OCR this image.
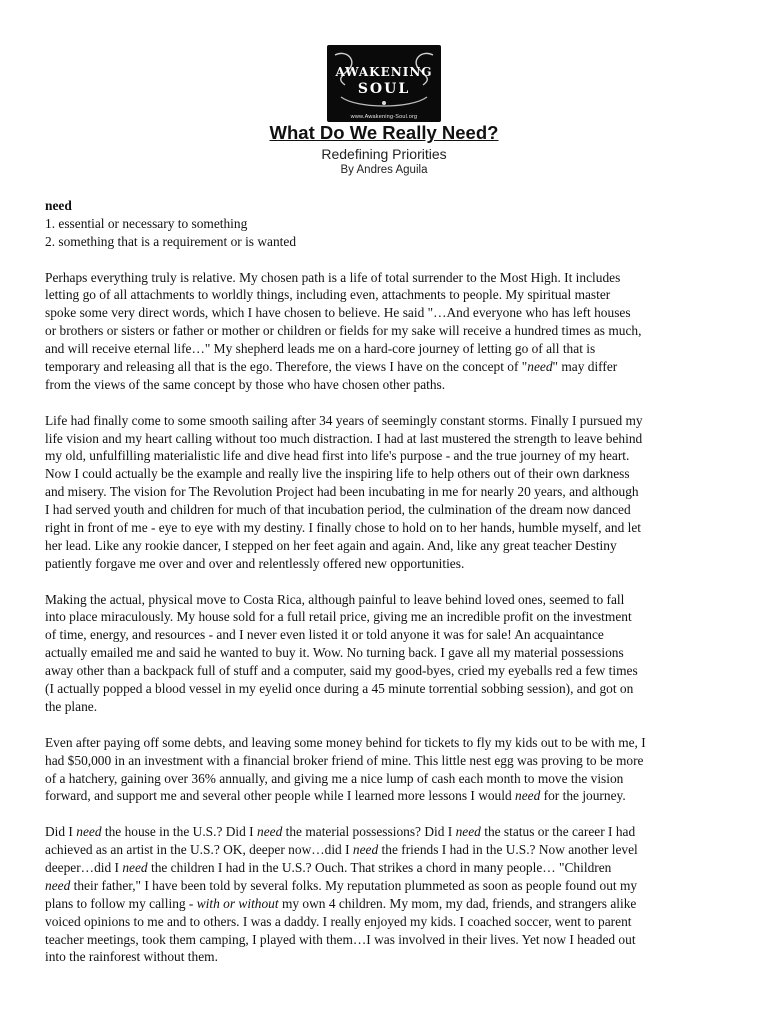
AWAKENING
SOUL
www.Awakening-Soul.org
What Do We Really Need?
Redefining Priorities
By Andres Aguila
need
1. essential or necessary to something
2. something that is a requirement or is wanted
Perhaps everything truly is relative. My chosen path is a life of total surrender to the Most High. It includes
letting go of all attachments to worldly things, including even, attachments to people. My spiritual master
spoke some very direct words, which I have chosen to believe. He said "…And everyone who has left houses
or brothers or sisters or father or mother or children or fields for my sake will receive a hundred times as much,
and will receive eternal life…" My shepherd leads me on a hard-core journey of letting go of all that is
temporary and releasing all that is the ego. Therefore, the views I have on the concept of "need" may differ
from the views of the same concept by those who have chosen other paths.
Life had finally come to some smooth sailing after 34 years of seemingly constant storms. Finally I pursued my
life vision and my heart calling without too much distraction. I had at last mustered the strength to leave behind
my old, unfulfilling materialistic life and dive head first into life's purpose - and the true journey of my heart.
Now I could actually be the example and really live the inspiring life to help others out of their own darkness
and misery. The vision for The Revolution Project had been incubating in me for nearly 20 years, and although
I had served youth and children for much of that incubation period, the culmination of the dream now danced
right in front of me - eye to eye with my destiny. I finally chose to hold on to her hands, humble myself, and let
her lead. Like any rookie dancer, I stepped on her feet again and again. And, like any great teacher Destiny
patiently forgave me over and over and relentlessly offered new opportunities.
Making the actual, physical move to Costa Rica, although painful to leave behind loved ones, seemed to fall
into place miraculously. My house sold for a full retail price, giving me an incredible profit on the investment
of time, energy, and resources - and I never even listed it or told anyone it was for sale! An acquaintance
actually emailed me and said he wanted to buy it. Wow. No turning back. I gave all my material possessions
away other than a backpack full of stuff and a computer, said my good-byes, cried my eyeballs red a few times
(I actually popped a blood vessel in my eyelid once during a 45 minute torrential sobbing session), and got on
the plane.
Even after paying off some debts, and leaving some money behind for tickets to fly my kids out to be with me, I
had $50,000 in an investment with a financial broker friend of mine. This little nest egg was proving to be more
of a hatchery, gaining over 36% annually, and giving me a nice lump of cash each month to move the vision
forward, and support me and several other people while I learned more lessons I would need for the journey.
Did I need the house in the U.S.? Did I need the material possessions? Did I need the status or the career I had
achieved as an artist in the U.S.? OK, deeper now…did I need the friends I had in the U.S.? Now another level
deeper…did I need the children I had in the U.S.? Ouch. That strikes a chord in many people… "Children
need their father," I have been told by several folks. My reputation plummeted as soon as people found out my
plans to follow my calling - with or without my own 4 children. My mom, my dad, friends, and strangers alike
voiced opinions to me and to others. I was a daddy. I really enjoyed my kids. I coached soccer, went to parent
teacher meetings, took them camping, I played with them…I was involved in their lives. Yet now I headed out
into the rainforest without them.
